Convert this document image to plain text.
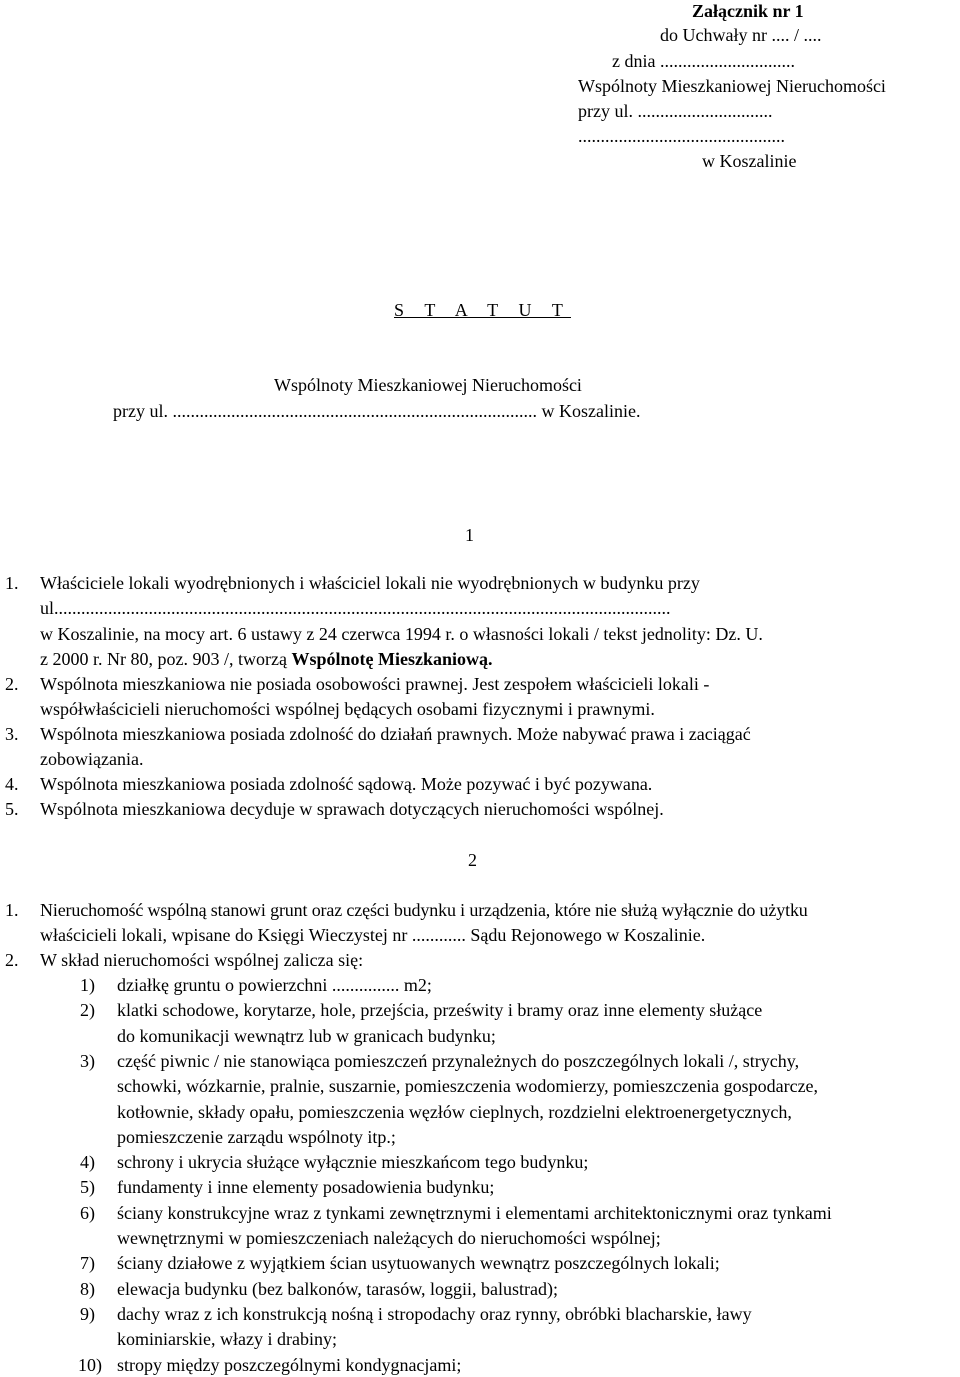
Załącznik nr 1
do Uchwały nr .... / ....
z dnia ..............................
Wspólnoty Mieszkaniowej Nieruchomości
przy ul. ..............................
..............................................
w Koszalinie
S T A T U T
Wspólnoty Mieszkaniowej Nieruchomości
przy ul. ................................................................................. w Koszalinie.
1
1. Właściciele lokali wyodrębnionych i właściciel lokali nie wyodrębnionych w budynku przy
ul.........................................................................................................................................
w Koszalinie, na mocy art. 6 ustawy z 24 czerwca 1994 r. o własności lokali / tekst jednolity: Dz. U.
z 2000 r. Nr 80, poz. 903 /, tworzą Wspólnotę Mieszkaniową.
2. Wspólnota mieszkaniowa nie posiada osobowości prawnej. Jest zespołem właścicieli lokali -
współwłaścicieli nieruchomości wspólnej będących osobami fizycznymi i prawnymi.
3. Wspólnota mieszkaniowa posiada zdolność do działań prawnych. Może nabywać prawa i zaciągać
zobowiązania.
4. Wspólnota mieszkaniowa posiada zdolność sądową. Może pozywać i być pozywana.
5. Wspólnota mieszkaniowa decyduje w sprawach dotyczących nieruchomości wspólnej.
2
1. Nieruchomość wspólną stanowi grunt oraz części budynku i urządzenia, które nie służą wyłącznie do użytku
właścicieli lokali, wpisane do Księgi Wieczystej nr ............ Sądu Rejonowego w Koszalinie.
2. W skład nieruchomości wspólnej zalicza się:
1) działkę gruntu o powierzchni ............... m2;
2) klatki schodowe, korytarze, hole, przejścia, prześwity i bramy oraz inne elementy służące
do komunikacji wewnątrz lub w granicach budynku;
3) część piwnic / nie stanowiąca pomieszczeń przynależnych do poszczególnych lokali /, strychy,
schowki, wózkarnie, pralnie, suszarnie, pomieszczenia wodomierzy, pomieszczenia gospodarcze,
kotłownie, składy opału, pomieszczenia węzłów cieplnych, rozdzielni elektroenergetycznych,
pomieszczenie zarządu wspólnoty itp.;
4) schrony i ukrycia służące wyłącznie mieszkańcom tego budynku;
5) fundamenty i inne elementy posadowienia budynku;
6) ściany konstrukcyjne wraz z tynkami zewnętrznymi i elementami architektonicznymi oraz tynkami
wewnętrznymi w pomieszczeniach należących do nieruchomości wspólnej;
7) ściany działowe z wyjątkiem ścian usytuowanych wewnątrz poszczególnych lokali;
8) elewacja budynku (bez balkonów, tarasów, loggii, balustrad);
9) dachy wraz z ich konstrukcją nośną i stropodachy oraz rynny, obróbki blacharskie, ławy
kominiarskie, włazy i drabiny;
10) stropy między poszczególnymi kondygnacjami;
